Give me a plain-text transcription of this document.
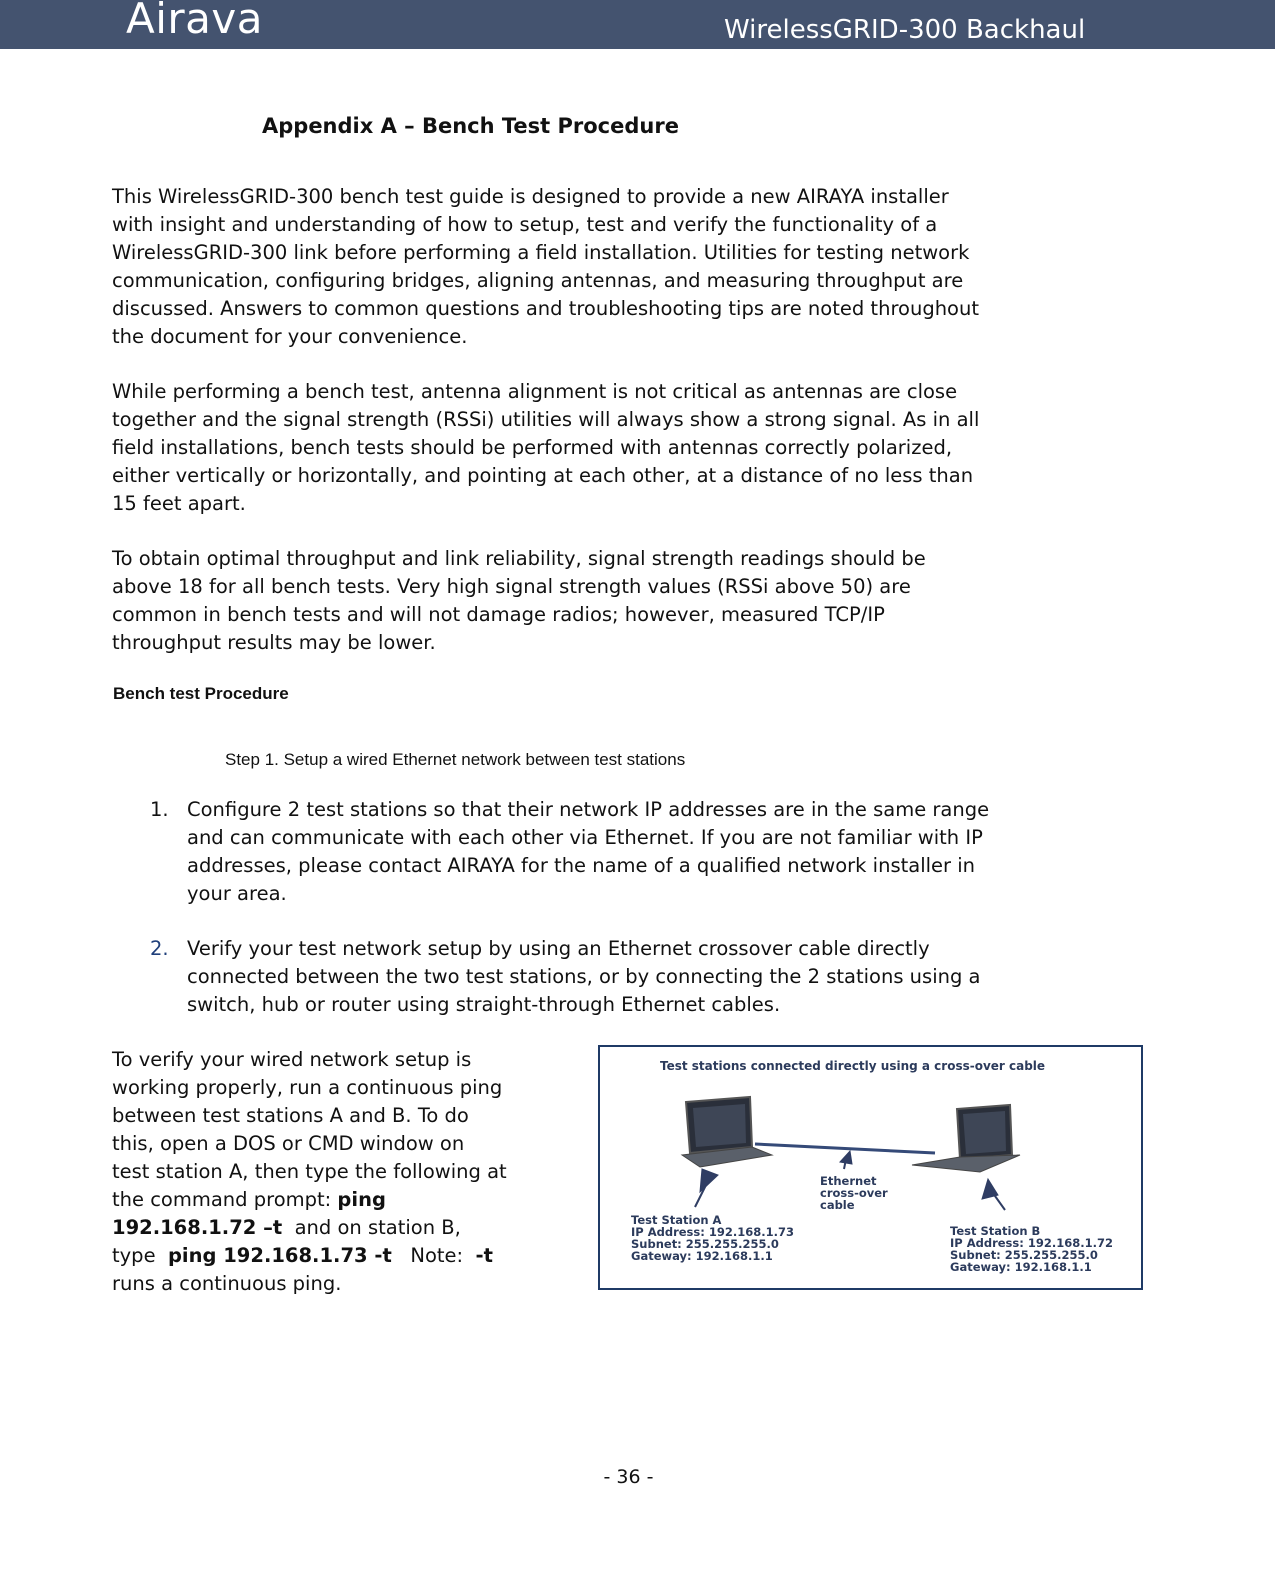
Airava	WirelessGRID-300 Backhaul
Appendix A – Bench Test Procedure

This WirelessGRID-300 bench test guide is designed to provide a new AIRAYA installer
with insight and understanding of how to setup, test and verify the functionality of a
WirelessGRID-300 link before performing a field installation. Utilities for testing network
communication, configuring bridges, aligning antennas, and measuring throughput are
discussed. Answers to common questions and troubleshooting tips are noted throughout
the document for your convenience.

While performing a bench test, antenna alignment is not critical as antennas are close
together and the signal strength (RSSi) utilities will always show a strong signal. As in all
field installations, bench tests should be performed with antennas correctly polarized,
either vertically or horizontally, and pointing at each other, at a distance of no less than
15 feet apart.

To obtain optimal throughput and link reliability, signal strength readings should be
above 18 for all bench tests. Very high signal strength values (RSSi above 50) are
common in bench tests and will not damage radios; however, measured TCP/IP
throughput results may be lower.

Bench test Procedure
Step 1. Setup a wired Ethernet network between test stations
1. Configure 2 test stations so that their network IP addresses are in the same range
and can communicate with each other via Ethernet. If you are not familiar with IP
addresses, please contact AIRAYA for the name of a qualified network installer in
your area.
2. Verify your test network setup by using an Ethernet crossover cable directly
connected between the two test stations, or by connecting the 2 stations using a
switch, hub or router using straight-through Ethernet cables.
To verify your wired network setup is
working properly, run a continuous ping
between test stations A and B. To do
this, open a DOS or CMD window on
test station A, then type the following at
the command prompt: ping
192.168.1.72 –t  and on station B,
type  ping 192.168.1.73 -t   Note:  -t
runs a continuous ping.
Test stations connected directly using a cross-over cable
Ethernet
cross-over
cable
Test Station A
IP Address: 192.168.1.73
Subnet: 255.255.255.0
Gateway: 192.168.1.1
Test Station B
IP Address: 192.168.1.72
Subnet: 255.255.255.0
Gateway: 192.168.1.1
- 36 -
